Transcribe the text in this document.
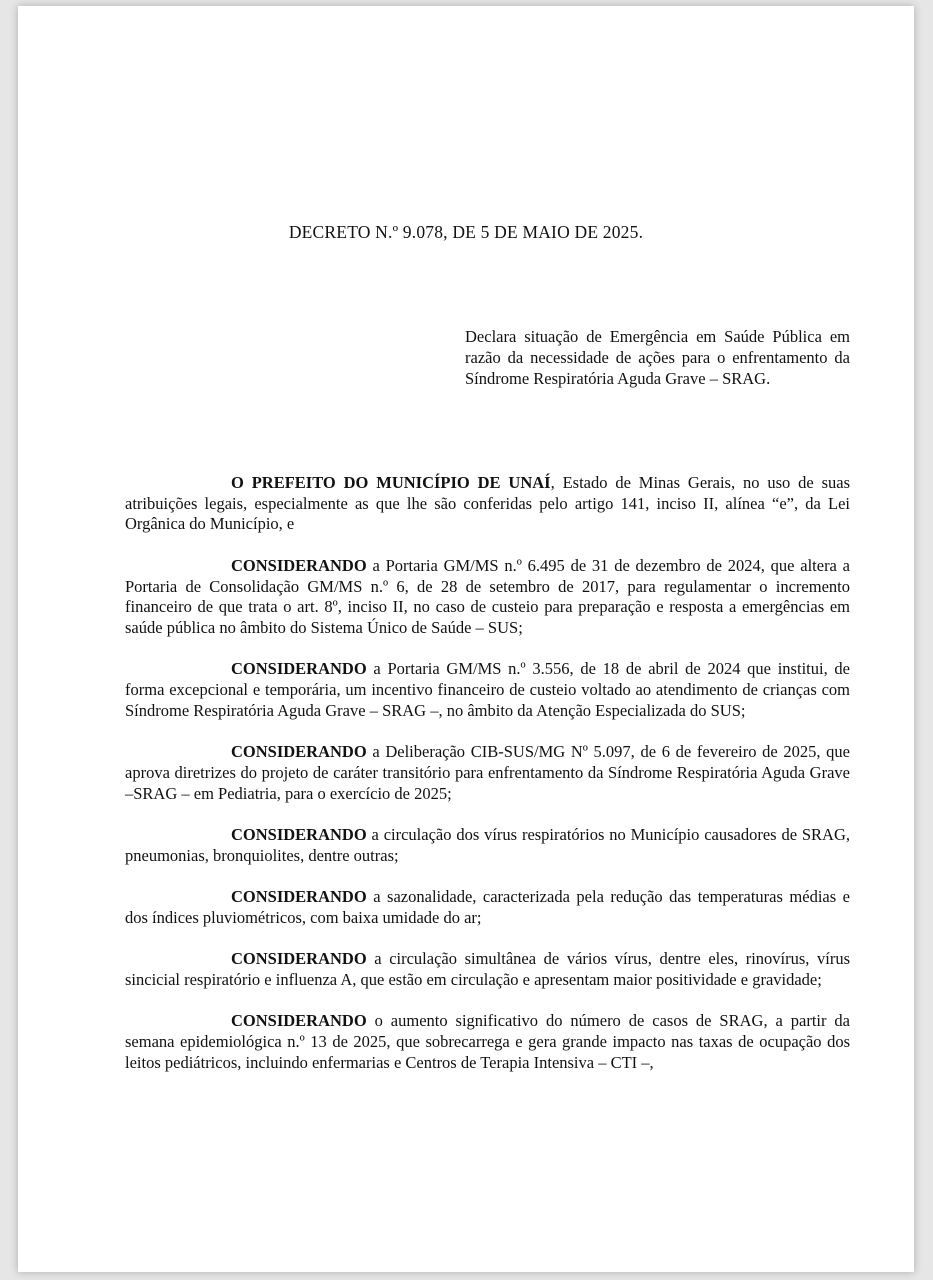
DECRETO N.º 9.078, DE 5 DE MAIO DE 2025.
Declara situação de Emergência em Saúde Pública em razão da necessidade de ações para o enfrentamento da Síndrome Respiratória Aguda Grave – SRAG.

O PREFEITO DO MUNICÍPIO DE UNAÍ, Estado de Minas Gerais, no uso de suas atribuições legais, especialmente as que lhe são conferidas pelo artigo 141, inciso II, alínea “e”, da Lei Orgânica do Município, e

CONSIDERANDO a Portaria GM/MS n.º 6.495 de 31 de dezembro de 2024, que altera a Portaria de Consolidação GM/MS n.º 6, de 28 de setembro de 2017, para regulamentar o incremento financeiro de que trata o art. 8º, inciso II, no caso de custeio para preparação e resposta a emergências em saúde pública no âmbito do Sistema Único de Saúde – SUS;

CONSIDERANDO a Portaria GM/MS n.º 3.556, de 18 de abril de 2024 que institui, de forma excepcional e temporária, um incentivo financeiro de custeio voltado ao atendimento de crianças com Síndrome Respiratória Aguda Grave – SRAG –, no âmbito da Atenção Especializada do SUS;

CONSIDERANDO a Deliberação CIB-SUS/MG Nº 5.097, de 6 de fevereiro de 2025, que aprova diretrizes do projeto de caráter transitório para enfrentamento da Síndrome Respiratória Aguda Grave –SRAG – em Pediatria, para o exercício de 2025;

CONSIDERANDO a circulação dos vírus respiratórios no Município causadores de SRAG, pneumonias, bronquiolites, dentre outras;

CONSIDERANDO a sazonalidade, caracterizada pela redução das temperaturas médias e dos índices pluviométricos, com baixa umidade do ar;

CONSIDERANDO a circulação simultânea de vários vírus, dentre eles, rinovírus, vírus sincicial respiratório e influenza A, que estão em circulação e apresentam maior positividade e gravidade;

CONSIDERANDO o aumento significativo do número de casos de SRAG, a partir da semana epidemiológica n.º 13 de 2025, que sobrecarrega e gera grande impacto nas taxas de ocupação dos leitos pediátricos, incluindo enfermarias e Centros de Terapia Intensiva – CTI –,
